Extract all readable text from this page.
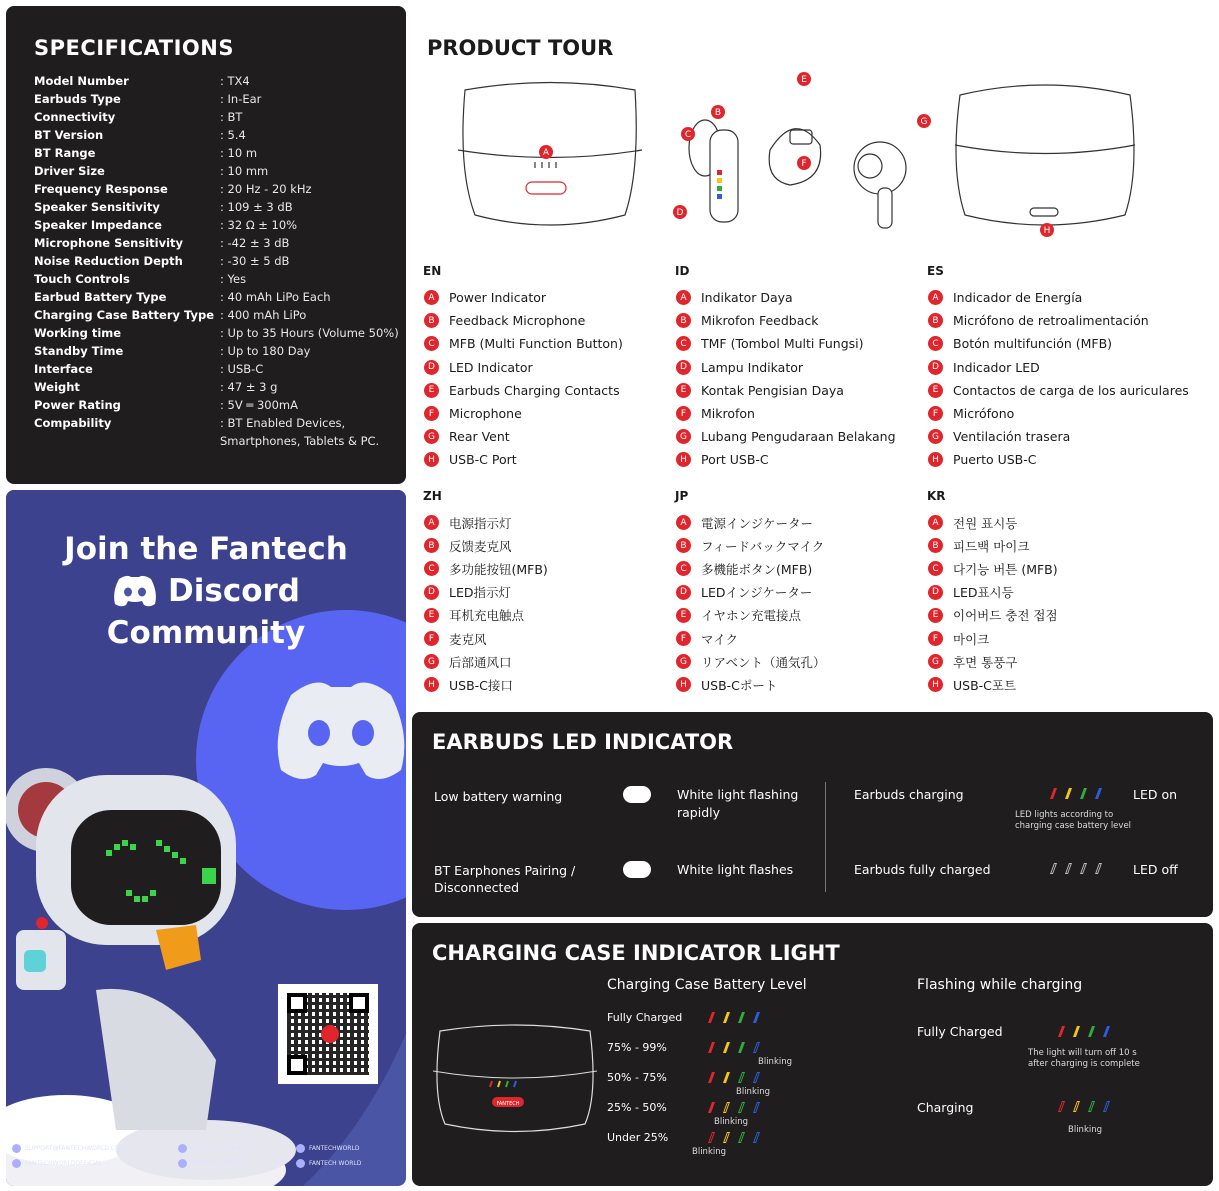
SPECIFICATIONS
Model Number	: TX4
Earbuds Type	: In-Ear
Connectivity	: BT
BT Version	: 5.4
BT Range	: 10 m
Driver Size	: 10 mm
Frequency Response	: 20 Hz - 20 kHz
Speaker Sensitivity	: 109 ± 3 dB
Speaker Impedance	: 32 Ω ± 10%
Microphone Sensitivity	: -42 ± 3 dB
Noise Reduction Depth	: -30 ± 5 dB
Touch Controls	: Yes
Earbud Battery Type	: 40 mAh LiPo Each
Charging Case Battery Type : 400 mAh LiPo
Working time	: Up to 35 Hours (Volume 50%)
Standby Time	: Up to 180 Day
Interface	: USB-C
Weight	: 47 ± 3 g
Power Rating	: 5V ═ 300mA
Compability	: BT Enabled Devices,
Smartphones, Tablets & PC.
Join the Fantech
Discord
Community
SUPPORT@FANTECHWORLD.COM
FANTECHWORLDOFFICIAL
FANTECH WORLD
FANTECH_WORLD
FANTECHWORLD
FANTECH WORLD
PRODUCT TOUR
A
B
C
D
E
F
G
H
EN
A	Power Indicator
B	Feedback Microphone
C	MFB (Multi Function Button)
D	LED Indicator
E	Earbuds Charging Contacts
F	Microphone
G	Rear Vent
H	USB-C Port
ID
A	Indikator Daya
B	Mikrofon Feedback
C	TMF (Tombol Multi Fungsi)
D	Lampu Indikator
E	Kontak Pengisian Daya
F	Mikrofon
G	Lubang Pengudaraan Belakang
H	Port USB-C
ES
A	Indicador de Energía
B	Micrófono de retroalimentación
C	Botón multifunción (MFB)
D	Indicador LED
E	Contactos de carga de los auriculares
F	Micrófono
G	Ventilación trasera
H	Puerto USB-C
ZH
A	电源指示灯
B	反馈麦克风
C	多功能按钮(MFB)
D	LED指示灯
E	耳机充电触点
F	麦克风
G	后部通风口
H	USB-C接口
JP
A	電源インジケーター
B	フィードバックマイク
C	多機能ボタン(MFB)
D	LEDインジケーター
E	イヤホン充電接点
F	マイク
G	リアベント（通気孔）
H	USB-Cポート
KR
A	전원 표시등
B	피드백 마이크
C	다기능 버튼 (MFB)
D	LED표시등
E	이어버드 충전 접점
F	마이크
G	후면 통풍구
H	USB-C포트
EARBUDS LED INDICATOR
Low battery warning	White light flashing
rapidly
BT Earphones Pairing /
Disconnected
White light flashes
Earbuds charging	LED on
LED lights according to
charging case battery level
Earbuds fully charged	LED off
CHARGING CASE INDICATOR LIGHT
FANTECH
Charging Case Battery Level
Fully Charged
75% - 99%
Blinking
50% - 75%
Blinking
25% - 50%
Blinking
Under 25%
Blinking
Flashing while charging
Fully Charged
The light will turn off 10 s
after charging is complete
Charging
Blinking
